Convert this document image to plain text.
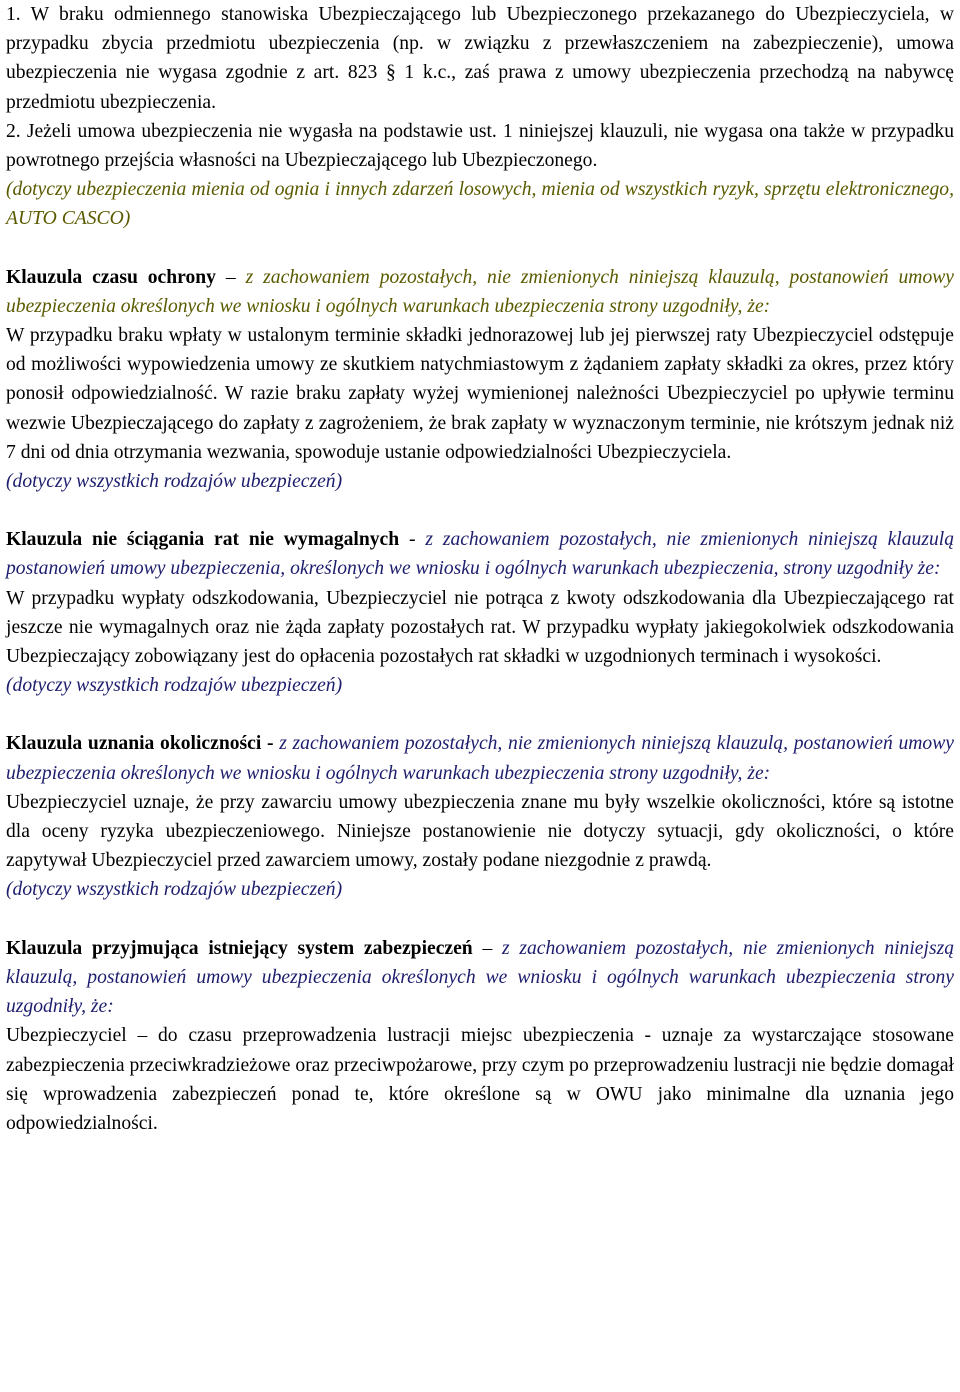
1. W braku odmiennego stanowiska Ubezpieczającego lub Ubezpieczonego przekazanego do Ubezpieczyciela, w przypadku zbycia przedmiotu ubezpieczenia (np. w związku z przewłaszczeniem na zabezpieczenie), umowa ubezpieczenia nie wygasa zgodnie z art. 823 § 1 k.c., zaś prawa z umowy ubezpieczenia przechodzą na nabywcę przedmiotu ubezpieczenia.

2. Jeżeli umowa ubezpieczenia nie wygasła na podstawie ust. 1 niniejszej klauzuli, nie wygasa ona także w przypadku powrotnego przejścia własności na Ubezpieczającego lub Ubezpieczonego.

(dotyczy ubezpieczenia mienia od ognia i innych zdarzeń losowych, mienia od wszystkich ryzyk, sprzętu elektronicznego, AUTO CASCO)

Klauzula czasu ochrony – z zachowaniem pozostałych, nie zmienionych niniejszą klauzulą, postanowień umowy ubezpieczenia określonych we wniosku i ogólnych warunkach ubezpieczenia strony uzgodniły, że:

W przypadku braku wpłaty w ustalonym terminie składki jednorazowej lub jej pierwszej raty Ubezpieczyciel odstępuje od możliwości wypowiedzenia umowy ze skutkiem natychmiastowym z żądaniem zapłaty składki za okres, przez który ponosił odpowiedzialność. W razie braku zapłaty wyżej wymienionej należności Ubezpieczyciel po upływie terminu wezwie Ubezpieczającego do zapłaty z zagrożeniem, że brak zapłaty w wyznaczonym terminie, nie krótszym jednak niż 7 dni od dnia otrzymania wezwania, spowoduje ustanie odpowiedzialności Ubezpieczyciela.

(dotyczy wszystkich rodzajów ubezpieczeń)

Klauzula nie ściągania rat nie wymagalnych - z zachowaniem pozostałych, nie zmienionych niniejszą klauzulą postanowień umowy ubezpieczenia, określonych we wniosku i ogólnych warunkach ubezpieczenia, strony uzgodniły że:

W przypadku wypłaty odszkodowania, Ubezpieczyciel nie potrąca z kwoty odszkodowania dla Ubezpieczającego rat jeszcze nie wymagalnych oraz nie żąda zapłaty pozostałych rat. W przypadku wypłaty jakiegokolwiek odszkodowania Ubezpieczający zobowiązany jest do opłacenia pozostałych rat składki w uzgodnionych terminach i wysokości.

(dotyczy wszystkich rodzajów ubezpieczeń)

Klauzula uznania okoliczności - z zachowaniem pozostałych, nie zmienionych niniejszą klauzulą, postanowień umowy ubezpieczenia określonych we wniosku i ogólnych warunkach ubezpieczenia strony uzgodniły, że:

Ubezpieczyciel uznaje, że przy zawarciu umowy ubezpieczenia znane mu były wszelkie okoliczności, które są istotne dla oceny ryzyka ubezpieczeniowego. Niniejsze postanowienie nie dotyczy sytuacji, gdy okoliczności, o które zapytywał Ubezpieczyciel przed zawarciem umowy, zostały podane niezgodnie z prawdą.

(dotyczy wszystkich rodzajów ubezpieczeń)

Klauzula przyjmująca istniejący system zabezpieczeń – z zachowaniem pozostałych, nie zmienionych niniejszą klauzulą, postanowień umowy ubezpieczenia określonych we wniosku i ogólnych warunkach ubezpieczenia strony uzgodniły, że:

Ubezpieczyciel – do czasu przeprowadzenia lustracji miejsc ubezpieczenia - uznaje za wystarczające stosowane zabezpieczenia przeciwkradzieżowe oraz przeciwpożarowe, przy czym po przeprowadzeniu lustracji nie będzie domagał się wprowadzenia zabezpieczeń ponad te, które określone są w OWU jako minimalne dla uznania jego odpowiedzialności.
